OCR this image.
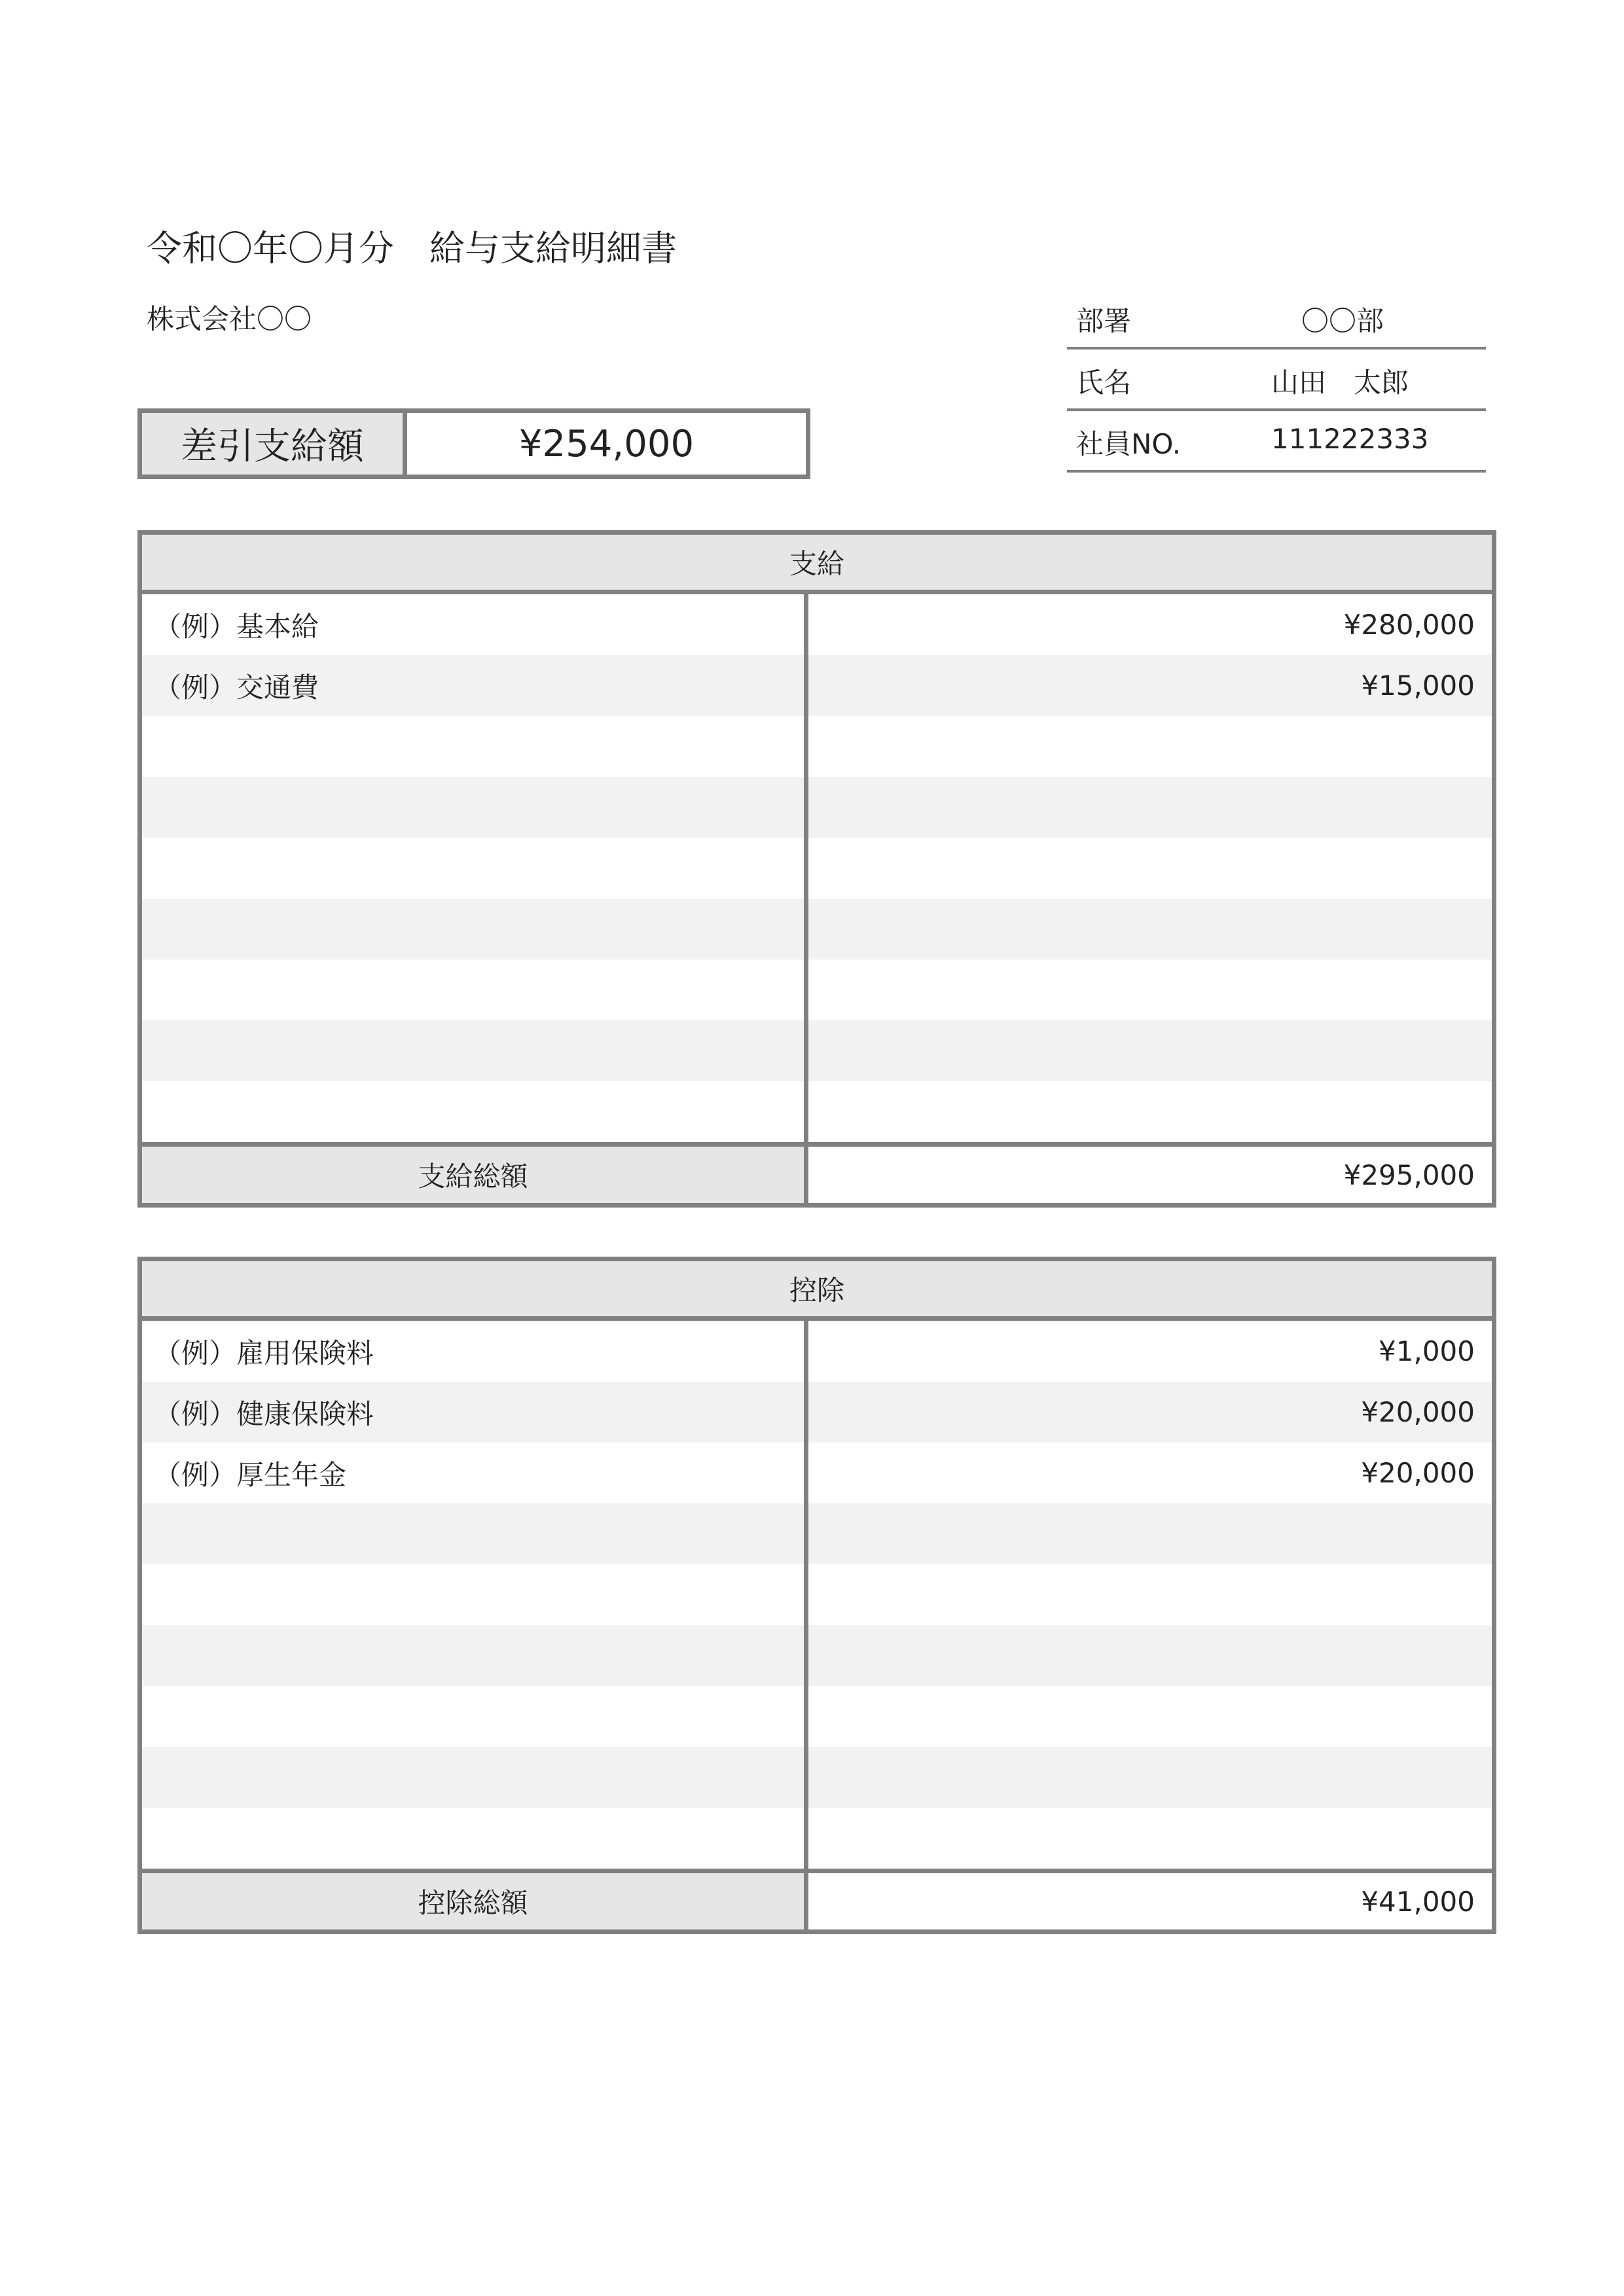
令和〇年〇月分　給与支給明細書
株式会社〇〇	部署	〇〇部
氏名	山田　太郎
社員NO.	111222333
差引支給額	¥254,000
支給
（例）基本給	¥280,000
（例）交通費	¥15,000
支給総額	¥295,000
控除
（例）雇用保険料	¥1,000
（例）健康保険料	¥20,000
（例）厚生年金	¥20,000
控除総額	¥41,000
